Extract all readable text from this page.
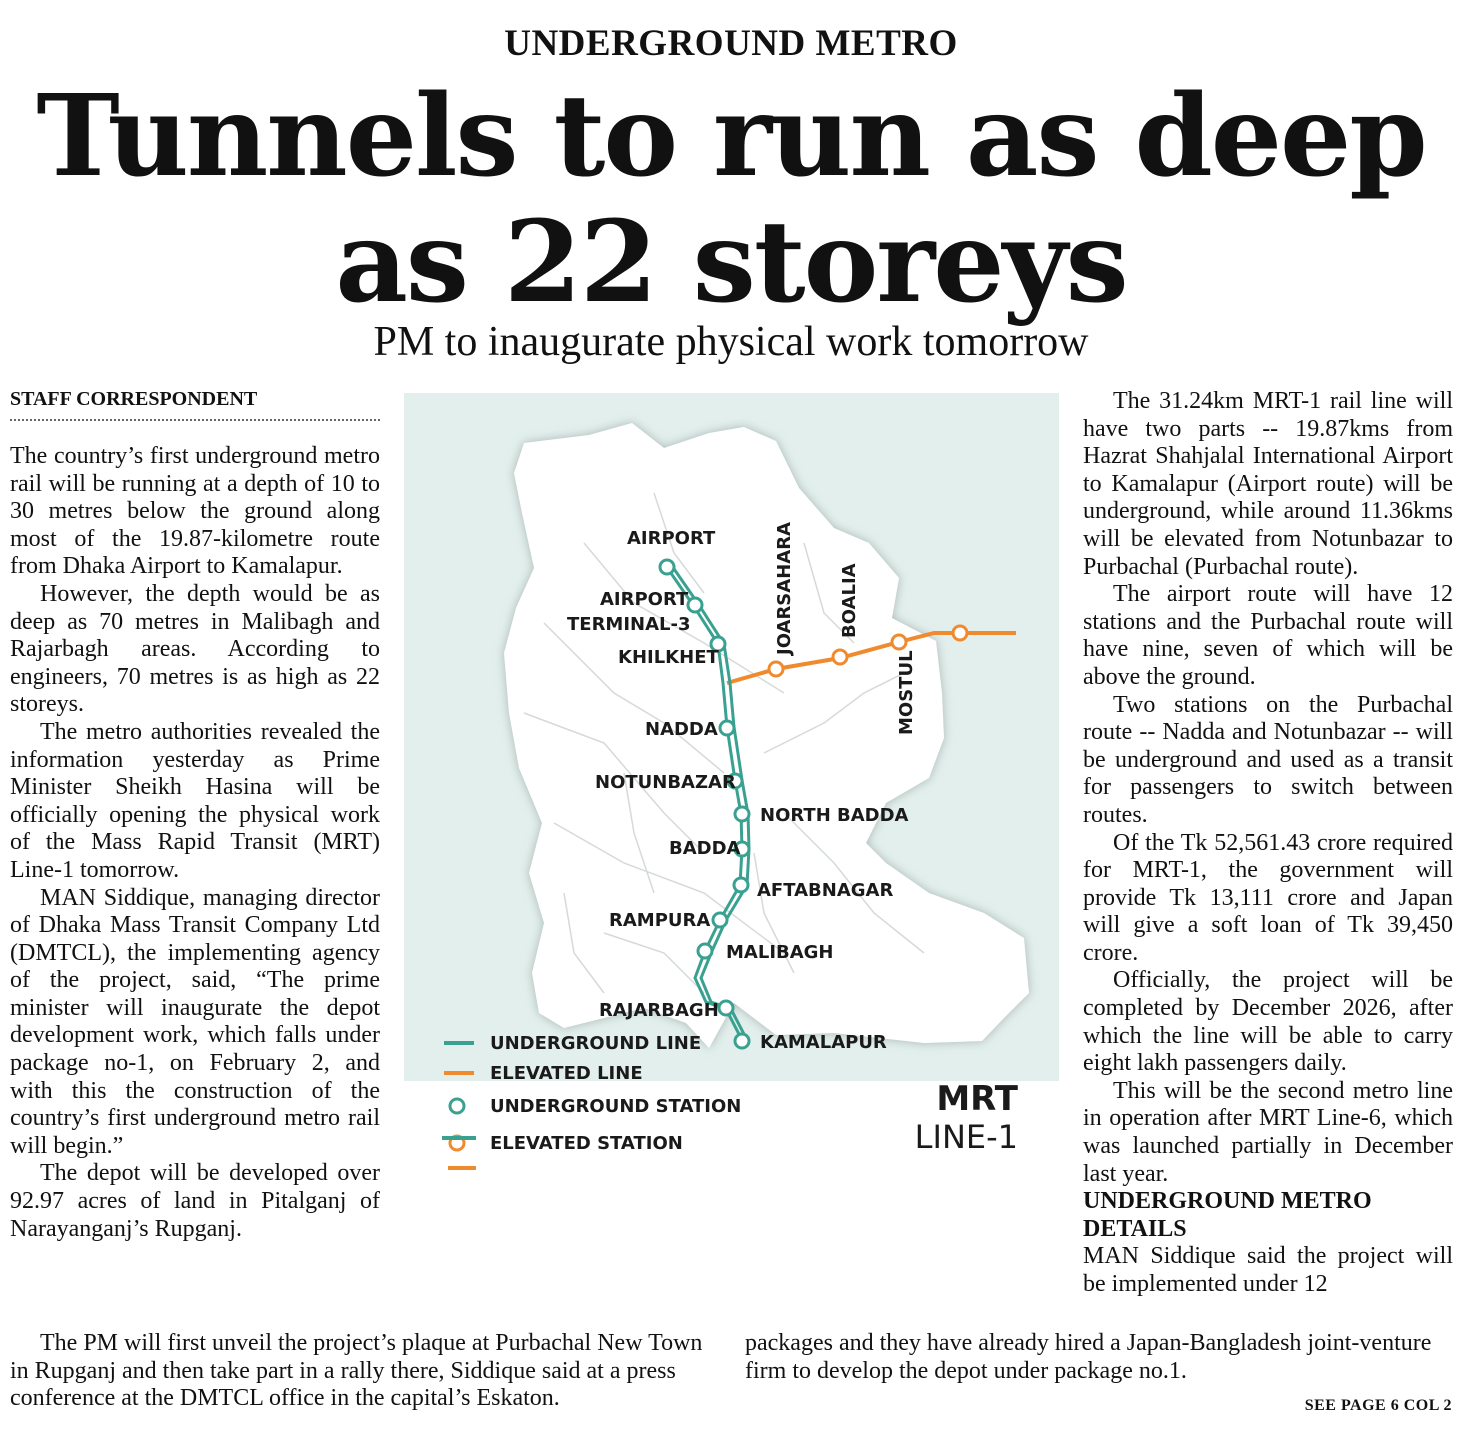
UNDERGROUND METRO
Tunnels to run as deep
as 22 storeys
PM to inaugurate physical work tomorrow
STAFF CORRESPONDENT

The country’s first underground metro rail will be running at a depth of 10 to 30 metres below the ground along most of the 19.87-kilometre route from Dhaka Airport to Kamalapur.

However, the depth would be as deep as 70 metres in Malibagh and Rajarbagh areas. According to engineers, 70 metres is as high as 22 storeys.

The metro authorities revealed the information yesterday as Prime Minister Sheikh Hasina will be officially opening the physical work of the Mass Rapid Transit (MRT) Line-1 tomorrow.

MAN Siddique, managing director of Dhaka Mass Transit Company Ltd (DMTCL), the implementing agency of the project, said, “The prime minister will inaugurate the depot development work, which falls under package no-1, on February 2, and with this the construction of the country’s first underground metro rail will begin.”

The depot will be developed over 92.97 acres of land in Pitalganj of Narayanganj’s Rupganj.

The PM will first unveil the project’s plaque at Purbachal New Town in Rupganj and then take part in a rally there, Siddique said at a press conference at the DMTCL office in the capital’s Eskaton.

AIRPORT
AIRPORT
TERMINAL-3
KHILKHET
NADDA
NOTUNBAZAR
NORTH BADDA
BADDA
AFTABNAGAR
RAMPURA
MALIBAGH
RAJARBAGH
KAMALAPUR
JOARSAHARA BOALIA
MOSTUL
UNDERGROUND LINE
ELEVATED LINE
UNDERGROUND STATION
ELEVATED STATION
MRT
LINE-1

The 31.24km MRT-1 rail line will have two parts -- 19.87kms from Hazrat Shahjalal International Airport to Kamalapur (Airport route) will be underground, while around 11.36kms will be elevated from Notunbazar to Purbachal (Purbachal route).

The airport route will have 12 stations and the Purbachal route will have nine, seven of which will be above the ground.

Two stations on the Purbachal route -- Nadda and Notunbazar -- will be underground and used as a transit for passengers to switch between routes.

Of the Tk 52,561.43 crore required for MRT-1, the government will provide Tk 13,111 crore and Japan will give a soft loan of Tk 39,450 crore.

Officially, the project will be completed by December 2026, after which the line will be able to carry eight lakh passengers daily.

This will be the second metro line in operation after MRT Line-6, which was launched partially in December last year.

UNDERGROUND METRO DETAILS

MAN Siddique said the project will be implemented under 12

packages and they have already hired a Japan-Bangladesh joint-venture firm to develop the depot under package no.1.

SEE PAGE 6 COL 2
